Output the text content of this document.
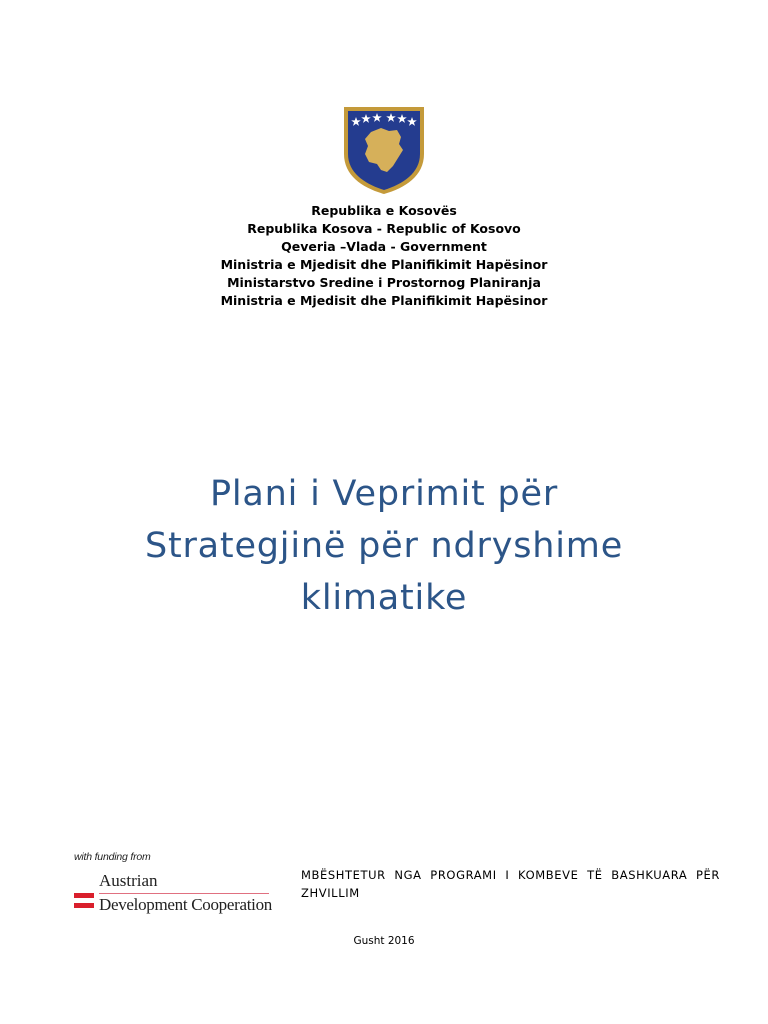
Republika e Kosovës
Republika Kosova - Republic of Kosovo
Qeveria –Vlada - Government
Ministria e Mjedisit dhe Planifikimit Hapësinor
Ministarstvo Sredine i Prostornog Planiranja
Ministria e Mjedisit dhe Planifikimit Hapësinor
Plani i Veprimit për
Strategjinë për ndryshime
klimatike
with funding from
Austrian
Development Cooperation
MBËSHTETUR NGA PROGRAMI I KOMBEVE TË BASHKUARA PËR ZHVILLIM
Gusht 2016
